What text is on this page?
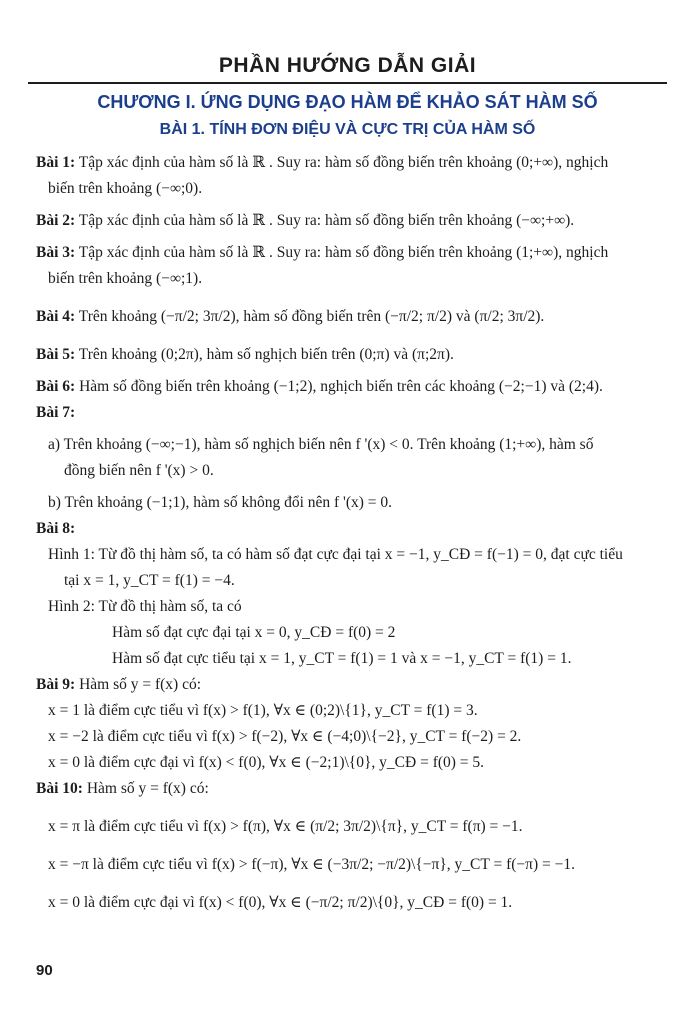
PHẦN HƯỚNG DẪN GIẢI
CHƯƠNG I. ỨNG DỤNG ĐẠO HÀM ĐỂ KHẢO SÁT HÀM SỐ
BÀI 1. TÍNH ĐƠN ĐIỆU VÀ CỰC TRỊ CỦA HÀM SỐ
Bài 1: Tập xác định của hàm số là ℝ . Suy ra: hàm số đồng biến trên khoảng (0;+∞), nghịch
biến trên khoảng (−∞;0).
Bài 2: Tập xác định của hàm số là ℝ . Suy ra: hàm số đồng biến trên khoảng (−∞;+∞).
Bài 3: Tập xác định của hàm số là ℝ . Suy ra: hàm số đồng biến trên khoảng (1;+∞), nghịch
biến trên khoảng (−∞;1).
Bài 4: Trên khoảng (−π/2; 3π/2), hàm số đồng biến trên (−π/2; π/2) và (π/2; 3π/2).
Bài 5: Trên khoảng (0;2π), hàm số nghịch biến trên (0;π) và (π;2π).
Bài 6: Hàm số đồng biến trên khoảng (−1;2), nghịch biến trên các khoảng (−2;−1) và (2;4).
Bài 7:
a) Trên khoảng (−∞;−1), hàm số nghịch biến nên f '(x) < 0. Trên khoảng (1;+∞), hàm số
đồng biến nên f '(x) > 0.
b) Trên khoảng (−1;1), hàm số không đổi nên f '(x) = 0.
Bài 8:
Hình 1: Từ đồ thị hàm số, ta có hàm số đạt cực đại tại x = −1, y_CĐ = f(−1) = 0, đạt cực tiểu
tại x = 1, y_CT = f(1) = −4.
Hình 2: Từ đồ thị hàm số, ta có
Hàm số đạt cực đại tại x = 0, y_CĐ = f(0) = 2
Hàm số đạt cực tiểu tại x = 1, y_CT = f(1) = 1 và x = −1, y_CT = f(1) = 1.
Bài 9: Hàm số y = f(x) có:
x = 1 là điểm cực tiểu vì f(x) > f(1), ∀x ∈ (0;2)\{1}, y_CT = f(1) = 3.
x = −2 là điểm cực tiểu vì f(x) > f(−2), ∀x ∈ (−4;0)\{−2}, y_CT = f(−2) = 2.
x = 0 là điểm cực đại vì f(x) < f(0), ∀x ∈ (−2;1)\{0}, y_CĐ = f(0) = 5.
Bài 10: Hàm số y = f(x) có:
x = π là điểm cực tiểu vì f(x) > f(π), ∀x ∈ (π/2; 3π/2)\{π}, y_CT = f(π) = −1.
x = −π là điểm cực tiểu vì f(x) > f(−π), ∀x ∈ (−3π/2; −π/2)\{−π}, y_CT = f(−π) = −1.
x = 0 là điểm cực đại vì f(x) < f(0), ∀x ∈ (−π/2; π/2)\{0}, y_CĐ = f(0) = 1.
90
